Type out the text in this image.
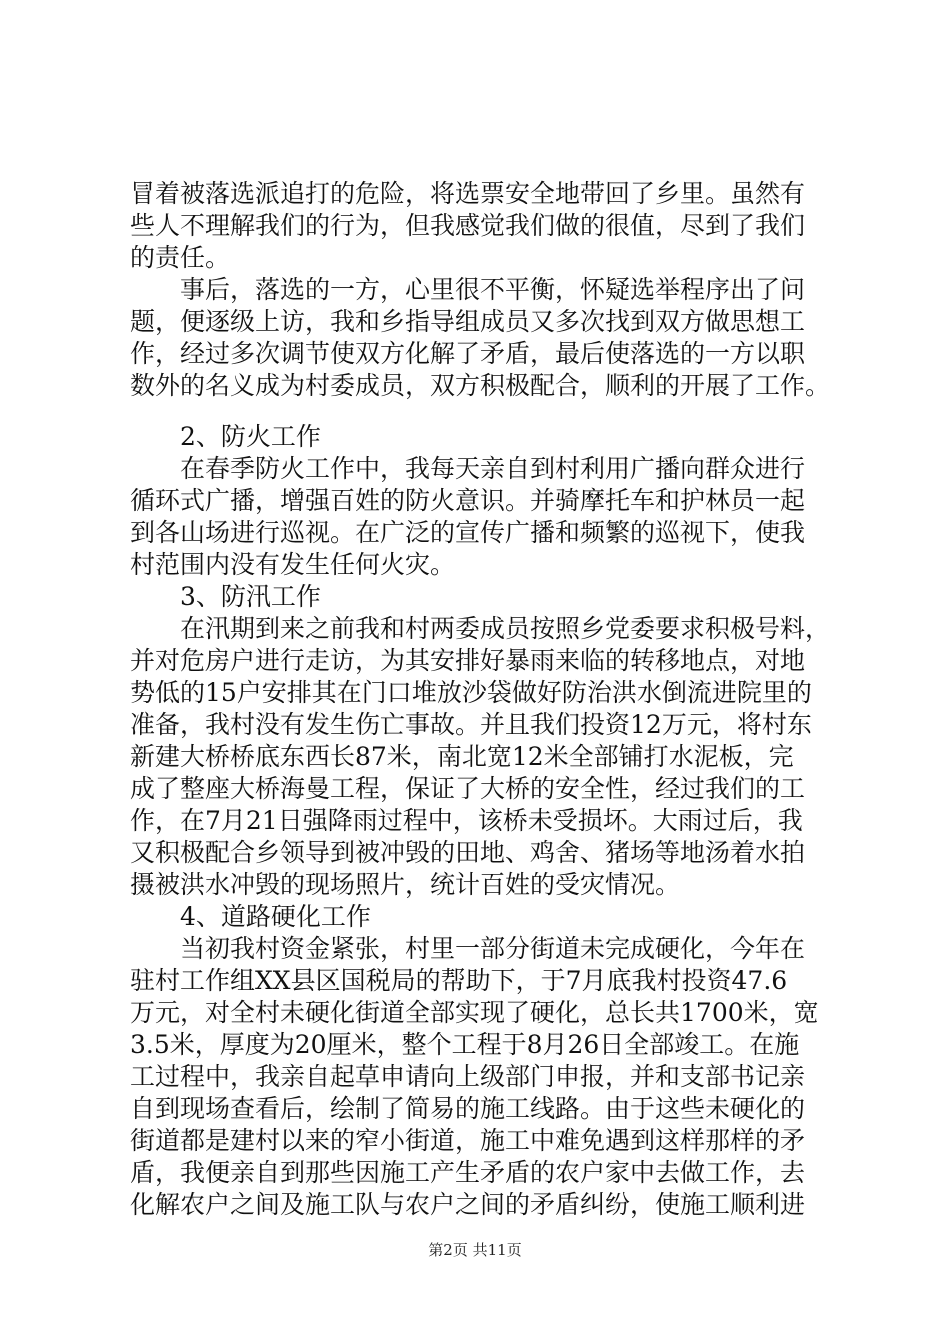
冒着被落选派追打的危险，将选票安全地带回了乡里。虽然有

些人不理解我们的行为，但我感觉我们做的很值，尽到了我们

的责任。

　　事后，落选的一方，心里很不平衡，怀疑选举程序出了问

题，便逐级上访，我和乡指导组成员又多次找到双方做思想工

作，经过多次调节使双方化解了矛盾，最后使落选的一方以职

数外的名义成为村委成员，双方积极配合，顺利的开展了工作。

　　2、防火工作

　　在春季防火工作中，我每天亲自到村利用广播向群众进行

循环式广播，增强百姓的防火意识。并骑摩托车和护林员一起

到各山场进行巡视。在广泛的宣传广播和频繁的巡视下，使我

村范围内没有发生任何火灾。

　　3、防汛工作

　　在汛期到来之前我和村两委成员按照乡党委要求积极号料，

并对危房户进行走访，为其安排好暴雨来临的转移地点，对地

势低的15户安排其在门口堆放沙袋做好防治洪水倒流进院里的

准备，我村没有发生伤亡事故。并且我们投资12万元，将村东

新建大桥桥底东西长87米，南北宽12米全部铺打水泥板，完

成了整座大桥海曼工程，保证了大桥的安全性，经过我们的工

作，在7月21日强降雨过程中，该桥未受损坏。大雨过后，我

又积极配合乡领导到被冲毁的田地、鸡舍、猪场等地汤着水拍

摄被洪水冲毁的现场照片，统计百姓的受灾情况。

　　4、道路硬化工作

　　当初我村资金紧张，村里一部分街道未完成硬化，今年在

驻村工作组XX县区国税局的帮助下，于7月底我村投资47.6

万元，对全村未硬化街道全部实现了硬化，总长共1700米，宽

3.5米，厚度为20厘米，整个工程于8月26日全部竣工。在施

工过程中，我亲自起草申请向上级部门申报，并和支部书记亲

自到现场查看后，绘制了简易的施工线路。由于这些未硬化的

街道都是建村以来的窄小街道，施工中难免遇到这样那样的矛

盾，我便亲自到那些因施工产生矛盾的农户家中去做工作，去

化解农户之间及施工队与农户之间的矛盾纠纷，使施工顺利进

第2页 共11页
